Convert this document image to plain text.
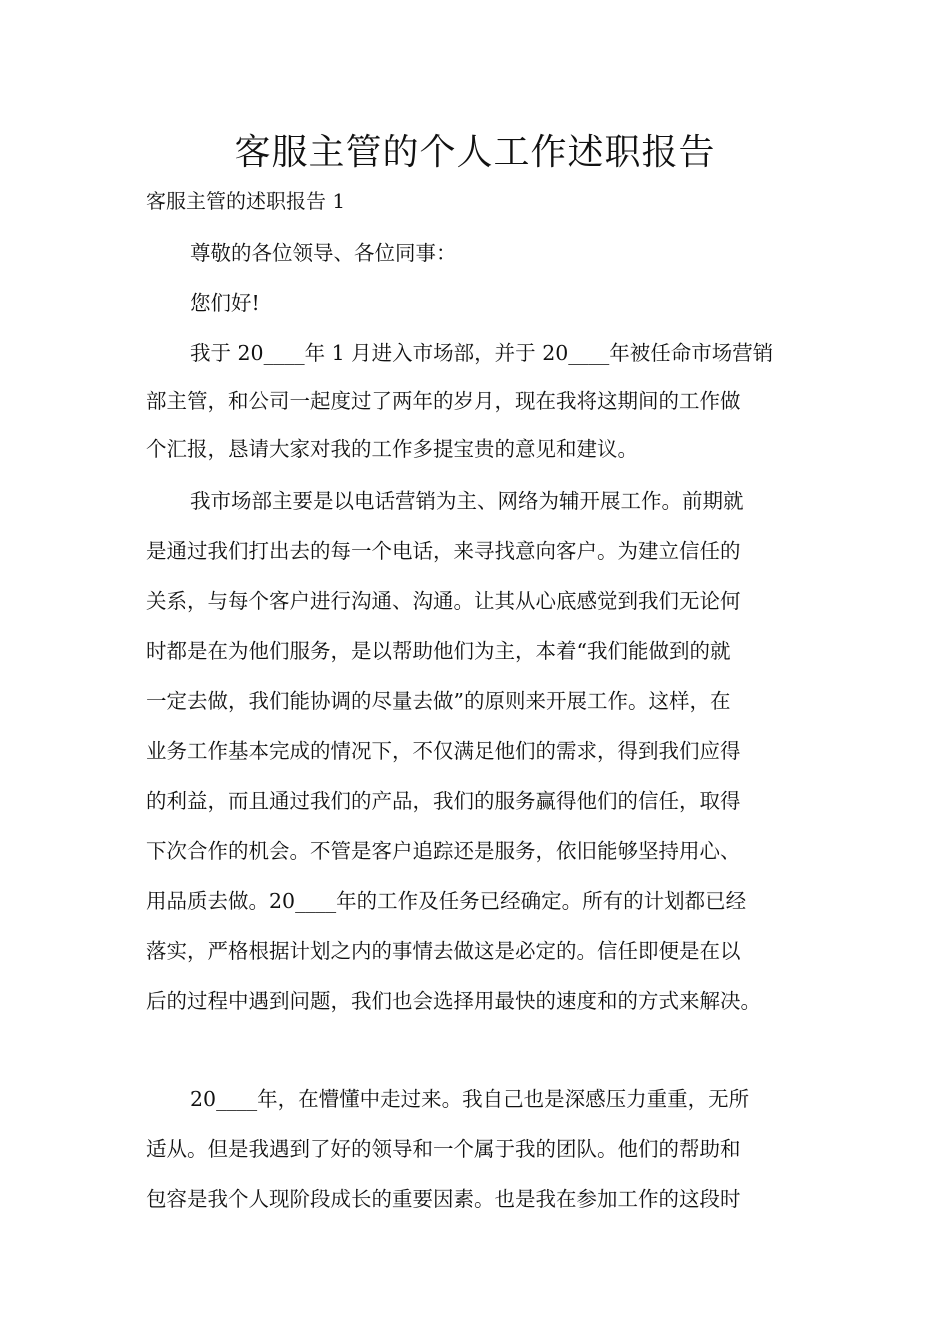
客服主管的个人工作述职报告

客服主管的述职报告 1

尊敬的各位领导、各位同事：

您们好!

我于 20____年 1 月进入市场部，并于 20____年被任命市场营销

部主管，和公司一起度过了两年的岁月，现在我将这期间的工作做

个汇报，恳请大家对我的工作多提宝贵的意见和建议。

我市场部主要是以电话营销为主、网络为辅开展工作。前期就

是通过我们打出去的每一个电话，来寻找意向客户。为建立信任的

关系，与每个客户进行沟通、沟通。让其从心底感觉到我们无论何

时都是在为他们服务，是以帮助他们为主，本着“我们能做到的就

一定去做，我们能协调的尽量去做”的原则来开展工作。这样，在

业务工作基本完成的情况下，不仅满足他们的需求，得到我们应得

的利益，而且通过我们的产品，我们的服务赢得他们的信任，取得

下次合作的机会。不管是客户追踪还是服务，依旧能够坚持用心、

用品质去做。20____年的工作及任务已经确定。所有的计划都已经

落实，严格根据计划之内的事情去做这是必定的。信任即便是在以

后的过程中遇到问题，我们也会选择用最快的速度和的方式来解决。

20____年，在懵懂中走过来。我自己也是深感压力重重，无所

适从。但是我遇到了好的领导和一个属于我的团队。他们的帮助和

包容是我个人现阶段成长的重要因素。也是我在参加工作的这段时
